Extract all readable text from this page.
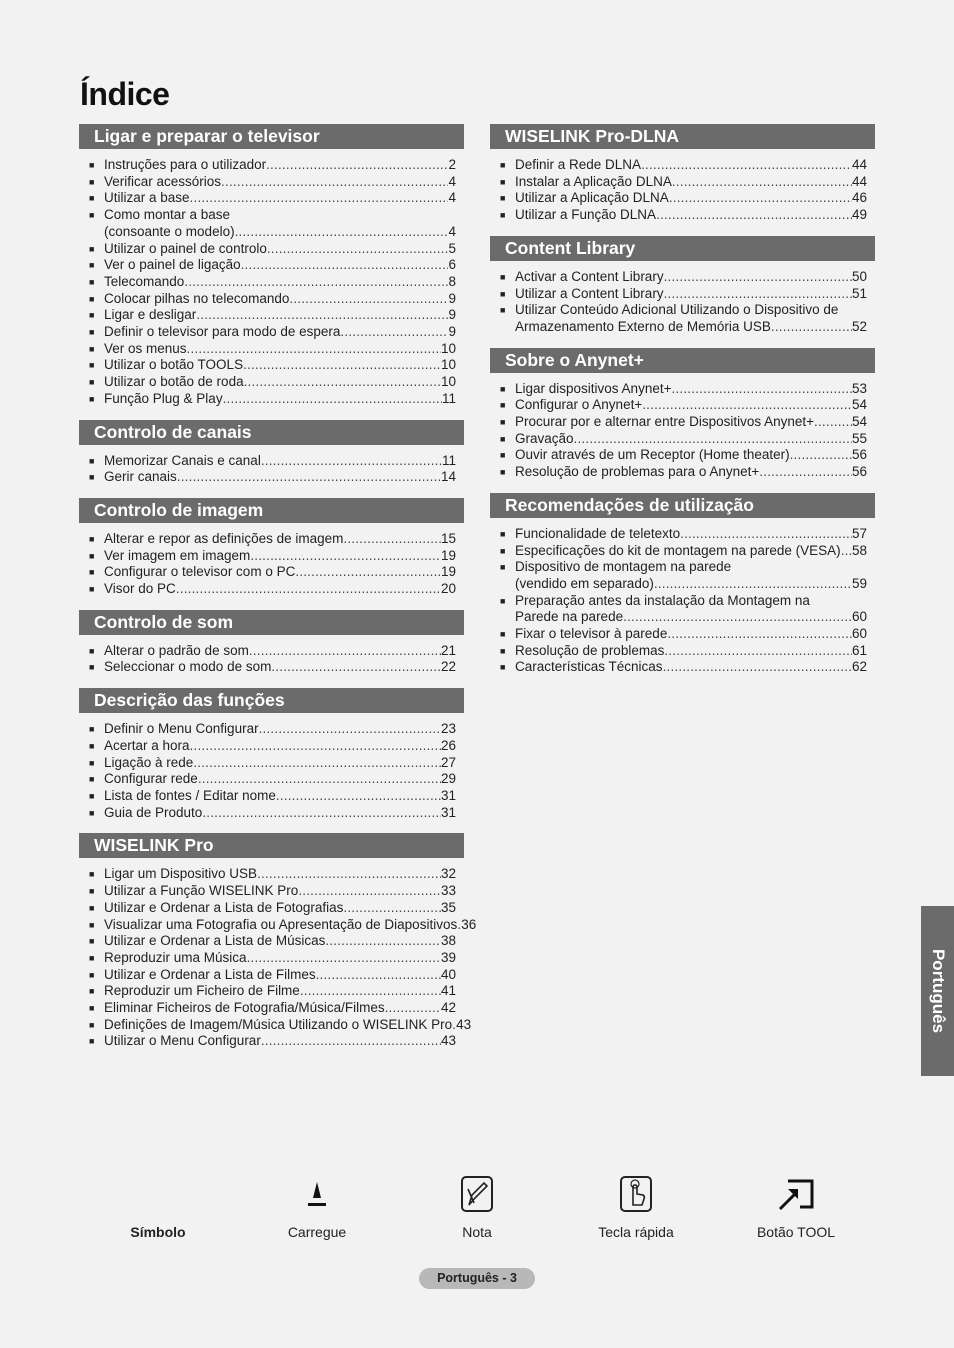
Índice
Ligar e preparar o televisor
■ Instruções para o utilizador .....	2
■ Verificar acessórios .....	4
■ Utilizar a base .....	4
■ Como montar a base
(consoante o modelo) .....	4
■ Utilizar o painel de controlo .....	5
■ Ver o painel de ligação .....	6
■ Telecomando .....	8
■ Colocar pilhas no telecomando .....	9
■ Ligar e desligar .....	9
■ Definir o televisor para modo de espera .....	9
■ Ver os menus .....	10
■ Utilizar o botão TOOLS .....	10
■ Utilizar o botão de roda .....	10
■ Função Plug & Play .....	11
Controlo de canais
■ Memorizar Canais e canal .....	11
■ Gerir canais .....	14
Controlo de imagem
■ Alterar e repor as definições de imagem .....	15
■ Ver imagem em imagem .....	19
■ Configurar o televisor com o PC .....	19
■ Visor do PC .....	20
Controlo de som
■ Alterar o padrão de som .....	21
■ Seleccionar o modo de som .....	22
Descrição das funções
■ Definir o Menu Configurar .....	23
■ Acertar a hora .....	26
■ Ligação à rede .....	27
■ Configurar rede .....	29
■ Lista de fontes / Editar nome .....	31
■ Guia de Produto .....	31
WISELINK Pro
■ Ligar um Dispositivo USB .....	32
■ Utilizar a Função WISELINK Pro .....	33
■ Utilizar e Ordenar a Lista de Fotografias .....	35
■ Visualizar uma Fotografia ou Apresentação de Diapositivos ..... 36
■ Utilizar e Ordenar a Lista de Músicas .....	38
■ Reproduzir uma Música .....	39
■ Utilizar e Ordenar a Lista de Filmes .....	40
■ Reproduzir um Ficheiro de Filme .....	41
■ Eliminar Ficheiros de Fotografia/Música/Filmes .....	42
■ Definições de Imagem/Música Utilizando o WISELINK Pro ..... 43
■ Utilizar o Menu Configurar .....	43
WISELINK Pro-DLNA
■ Definir a Rede DLNA .....	44
■ Instalar a Aplicação DLNA .....	44
■ Utilizar a Aplicação DLNA .....	46
■ Utilizar a Função DLNA .....	49
Content Library
■ Activar a Content Library .....	50
■ Utilizar a Content Library .....	51
■ Utilizar Conteúdo Adicional Utilizando o Dispositivo de
Armazenamento Externo de Memória USB .....	52
Sobre o Anynet+
■ Ligar dispositivos Anynet+ .....	53
■ Configurar o Anynet+ .....	54
■ Procurar por e alternar entre Dispositivos Anynet+ .....	54
■ Gravação .....	55
■ Ouvir através de um Receptor (Home theater) .....	56
■ Resolução de problemas para o Anynet+ .....	56
Recomendações de utilização
■ Funcionalidade de teletexto .....	57
■ Especificações do kit de montagem na parede (VESA) ..... 58
■ Dispositivo de montagem na parede
(vendido em separado) .....	59
■ Preparação antes da instalação da Montagem na
Parede na parede .....	60
■ Fixar o televisor à parede .....	60
■ Resolução de problemas .....	61
■ Características Técnicas .....	62
Português
Símbolo	Carregue	Nota	Tecla rápida	Botão TOOL
Português - 3
